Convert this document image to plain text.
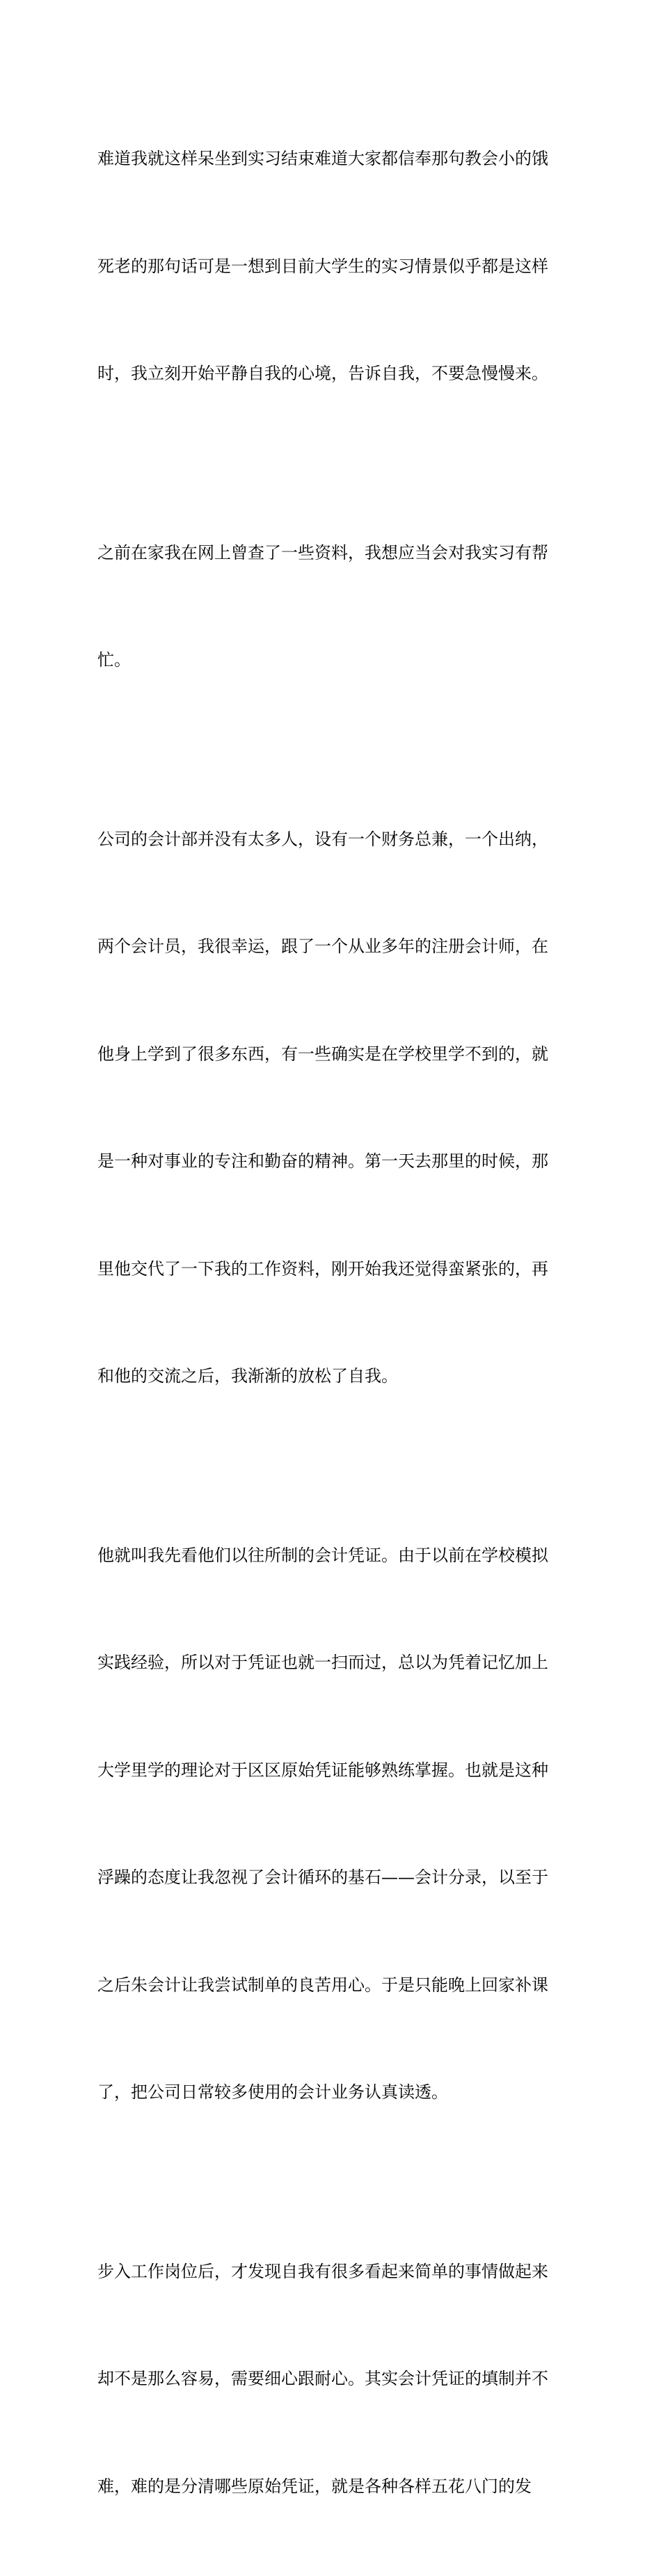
难道我就这样呆坐到实习结束难道大家都信奉那句教会小的饿

死老的那句话可是一想到目前大学生的实习情景似乎都是这样

时，我立刻开始平静自我的心境，告诉自我，不要急慢慢来。

之前在家我在网上曾查了一些资料，我想应当会对我实习有帮

忙。

公司的会计部并没有太多人，设有一个财务总兼，一个出纳，

两个会计员，我很幸运，跟了一个从业多年的注册会计师，在

他身上学到了很多东西，有一些确实是在学校里学不到的，就

是一种对事业的专注和勤奋的精神。第一天去那里的时候，那

里他交代了一下我的工作资料，刚开始我还觉得蛮紧张的，再

和他的交流之后，我渐渐的放松了自我。

他就叫我先看他们以往所制的会计凭证。由于以前在学校模拟

实践经验，所以对于凭证也就一扫而过，总以为凭着记忆加上

大学里学的理论对于区区原始凭证能够熟练掌握。也就是这种

浮躁的态度让我忽视了会计循环的基石——会计分录，以至于

之后朱会计让我尝试制单的良苦用心。于是只能晚上回家补课

了，把公司日常较多使用的会计业务认真读透。

步入工作岗位后，才发现自我有很多看起来简单的事情做起来

却不是那么容易，需要细心跟耐心。其实会计凭证的填制并不

难，难的是分清哪些原始凭证，就是各种各样五花八门的发
